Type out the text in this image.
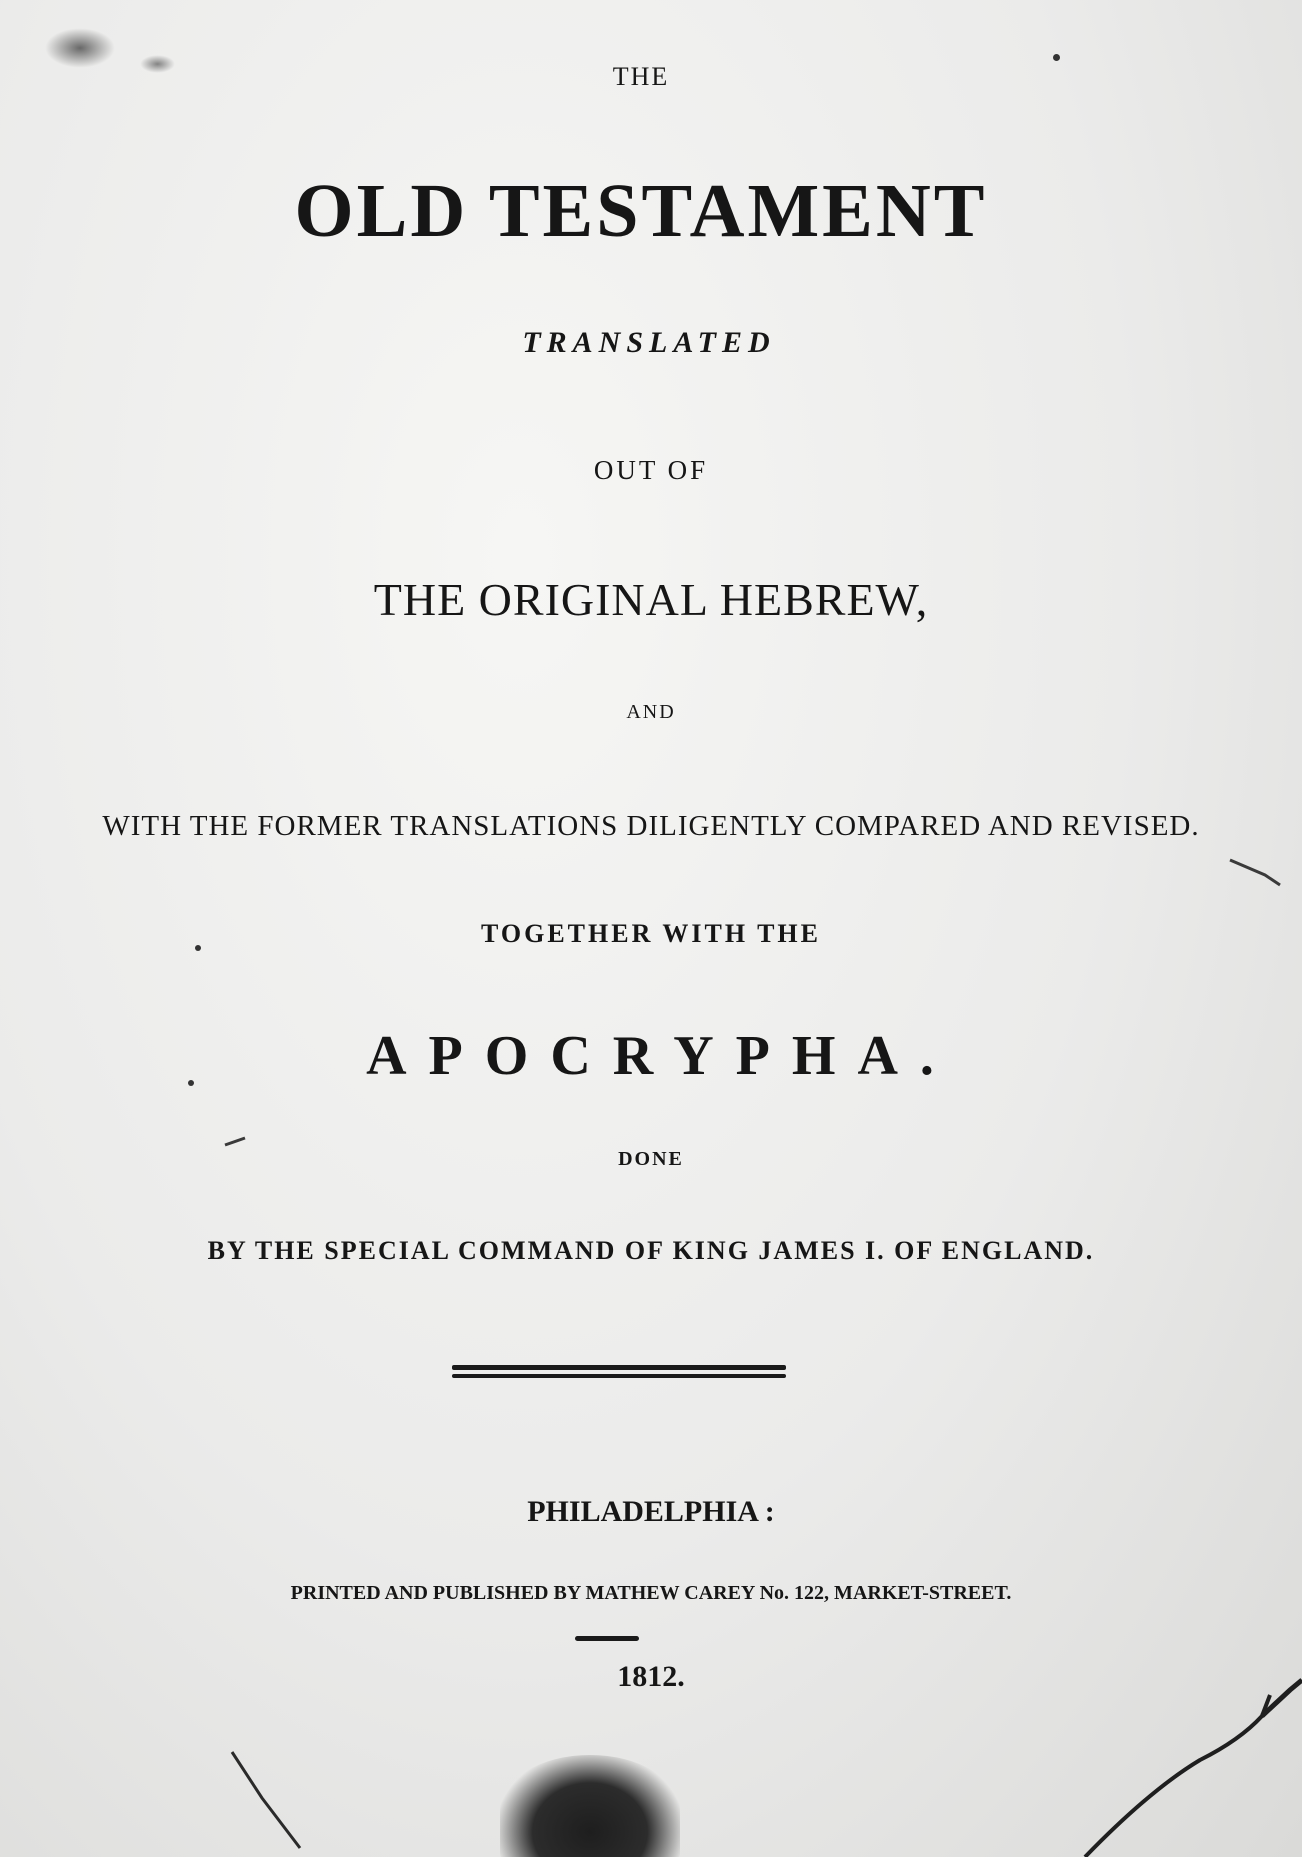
THE
OLD TESTAMENT
TRANSLATED
OUT OF
THE ORIGINAL HEBREW,
AND
WITH THE FORMER TRANSLATIONS DILIGENTLY COMPARED AND REVISED.
TOGETHER WITH THE
APOCRYPHA.
DONE
BY THE SPECIAL COMMAND OF KING JAMES I. OF ENGLAND.
PHILADELPHIA :
PRINTED AND PUBLISHED BY MATHEW CAREY No. 122, MARKET-STREET.
1812.
